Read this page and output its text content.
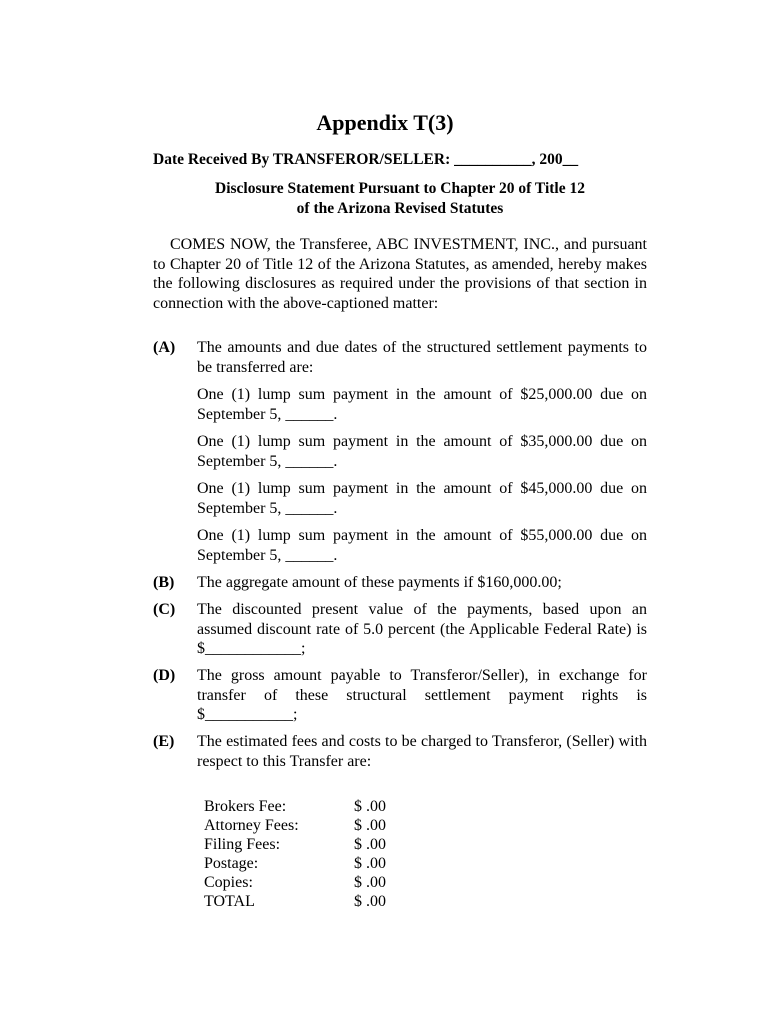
Appendix T(3)
Date Received By TRANSFEROR/SELLER: __________, 200__
Disclosure Statement Pursuant to Chapter 20 of Title 12
of the Arizona Revised Statutes
COMES NOW, the Transferee, ABC INVESTMENT, INC., and pursuant to Chapter 20 of Title 12 of the Arizona Statutes, as amended, hereby makes the following disclosures as required under the provisions of that section in connection with the above-captioned matter:
(A) The amounts and due dates of the structured settlement payments to be transferred are:
One (1) lump sum payment in the amount of $25,000.00 due on September 5, ______.
One (1) lump sum payment in the amount of $35,000.00 due on September 5, ______.
One (1) lump sum payment in the amount of $45,000.00 due on September 5, ______.
One (1) lump sum payment in the amount of $55,000.00 due on September 5, ______.
(B) The aggregate amount of these payments if $160,000.00;
(C) The discounted present value of the payments, based upon an assumed discount rate of 5.0 percent (the Applicable Federal Rate) is $____________;
(D) The gross amount payable to Transferor/Seller), in exchange for transfer of these structural settlement payment rights is $___________;
(E) The estimated fees and costs to be charged to Transferor, (Seller) with respect to this Transfer are:
Brokers Fee:	$ .00
Attorney Fees:	$ .00
Filing Fees:	$ .00
Postage:	$ .00
Copies:	$ .00
TOTAL	$ .00
